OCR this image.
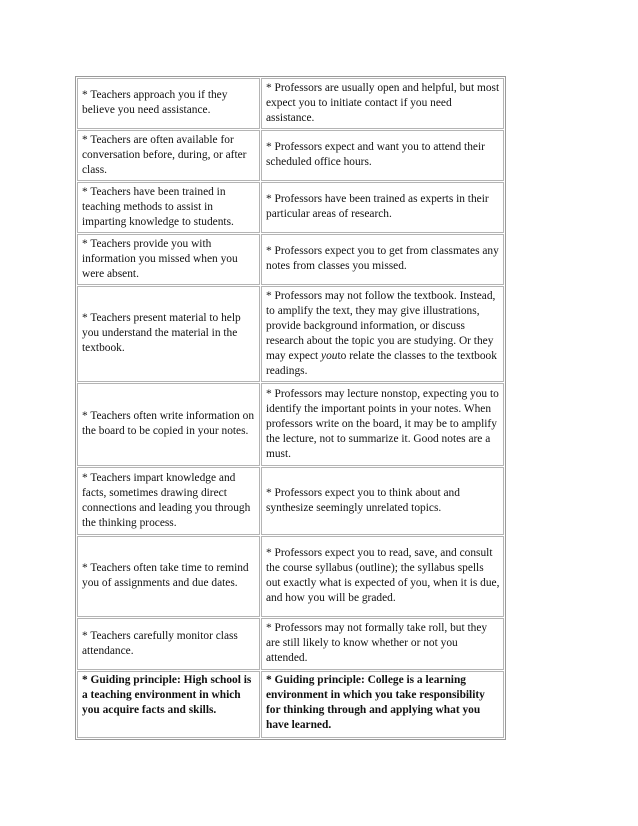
* Teachers approach you if they believe you need assistance.	* Professors are usually open and helpful, but most expect you to initiate contact if you need assistance.
* Teachers are often available for conversation before, during, or after class.	* Professors expect and want you to attend their scheduled office hours.
* Teachers have been trained in teaching methods to assist in imparting knowledge to students.	* Professors have been trained as experts in their particular areas of research.
* Teachers provide you with information you missed when you were absent.	* Professors expect you to get from classmates any notes from classes you missed.
* Teachers present material to help you understand the material in the textbook.	* Professors may not follow the textbook. Instead, to amplify the text, they may give illustrations, provide background information, or discuss research about the topic you are studying. Or they may expect youto relate the classes to the textbook readings.
* Teachers often write information on the board to be copied in your notes.	* Professors may lecture nonstop, expecting you to identify the important points in your notes. When professors write on the board, it may be to amplify the lecture, not to summarize it. Good notes are a must.
* Teachers impart knowledge and facts, sometimes drawing direct connections and leading you through the thinking process.	* Professors expect you to think about and synthesize seemingly unrelated topics.
* Teachers often take time to remind you of assignments and due dates.	* Professors expect you to read, save, and consult the course syllabus (outline); the syllabus spells out exactly what is expected of you, when it is due, and how you will be graded.
* Teachers carefully monitor class attendance.	* Professors may not formally take roll, but they are still likely to know whether or not you attended.
* Guiding principle: High school is a teaching environment in which you acquire facts and skills.	* Guiding principle: College is a learning environment in which you take responsibility for thinking through and applying what you have learned.
